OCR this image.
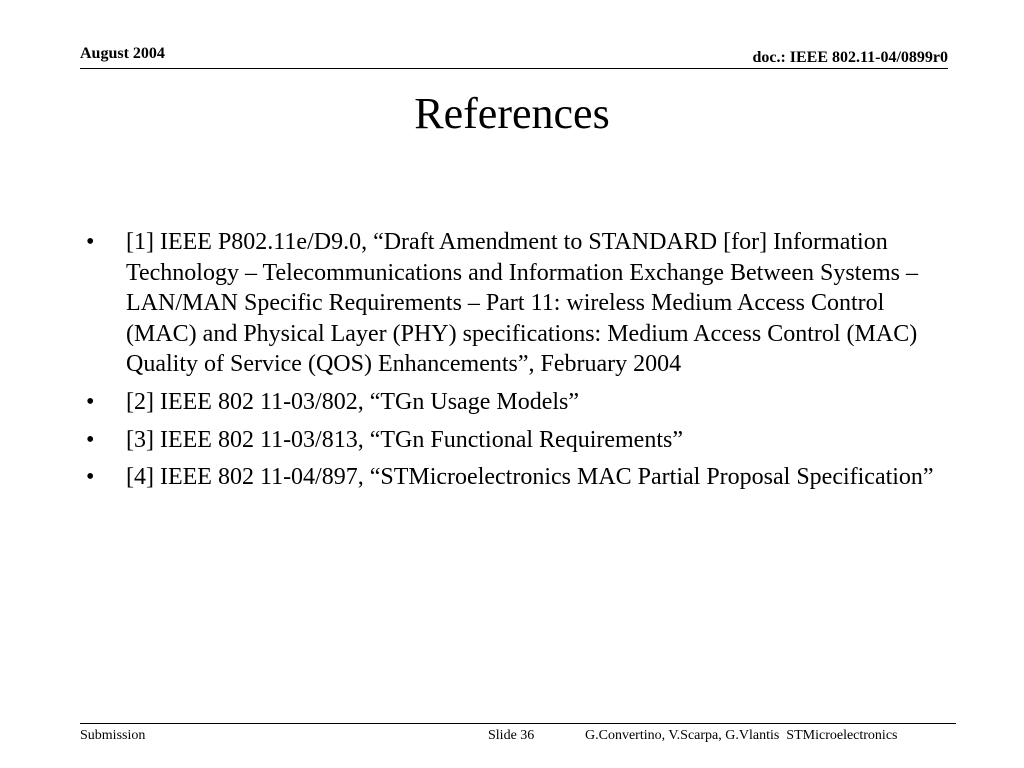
August 2004	doc.: IEEE 802.11-04/0899r0
References
• [1] IEEE P802.11e/D9.0, “Draft Amendment to STANDARD [for] Information Technology – Telecommunications and Information Exchange Between Systems – LAN/MAN Specific Requirements – Part 11: wireless Medium Access Control (MAC) and Physical Layer (PHY) specifications: Medium Access Control (MAC) Quality of Service (QOS) Enhancements”, February 2004
• [2] IEEE 802 11-03/802, “TGn Usage Models”
• [3] IEEE 802 11-03/813, “TGn Functional Requirements”
• [4] IEEE 802 11-04/897, “STMicroelectronics MAC Partial Proposal Specification”
Submission	Slide 36	G.Convertino, V.Scarpa, G.Vlantis  STMicroelectronics
